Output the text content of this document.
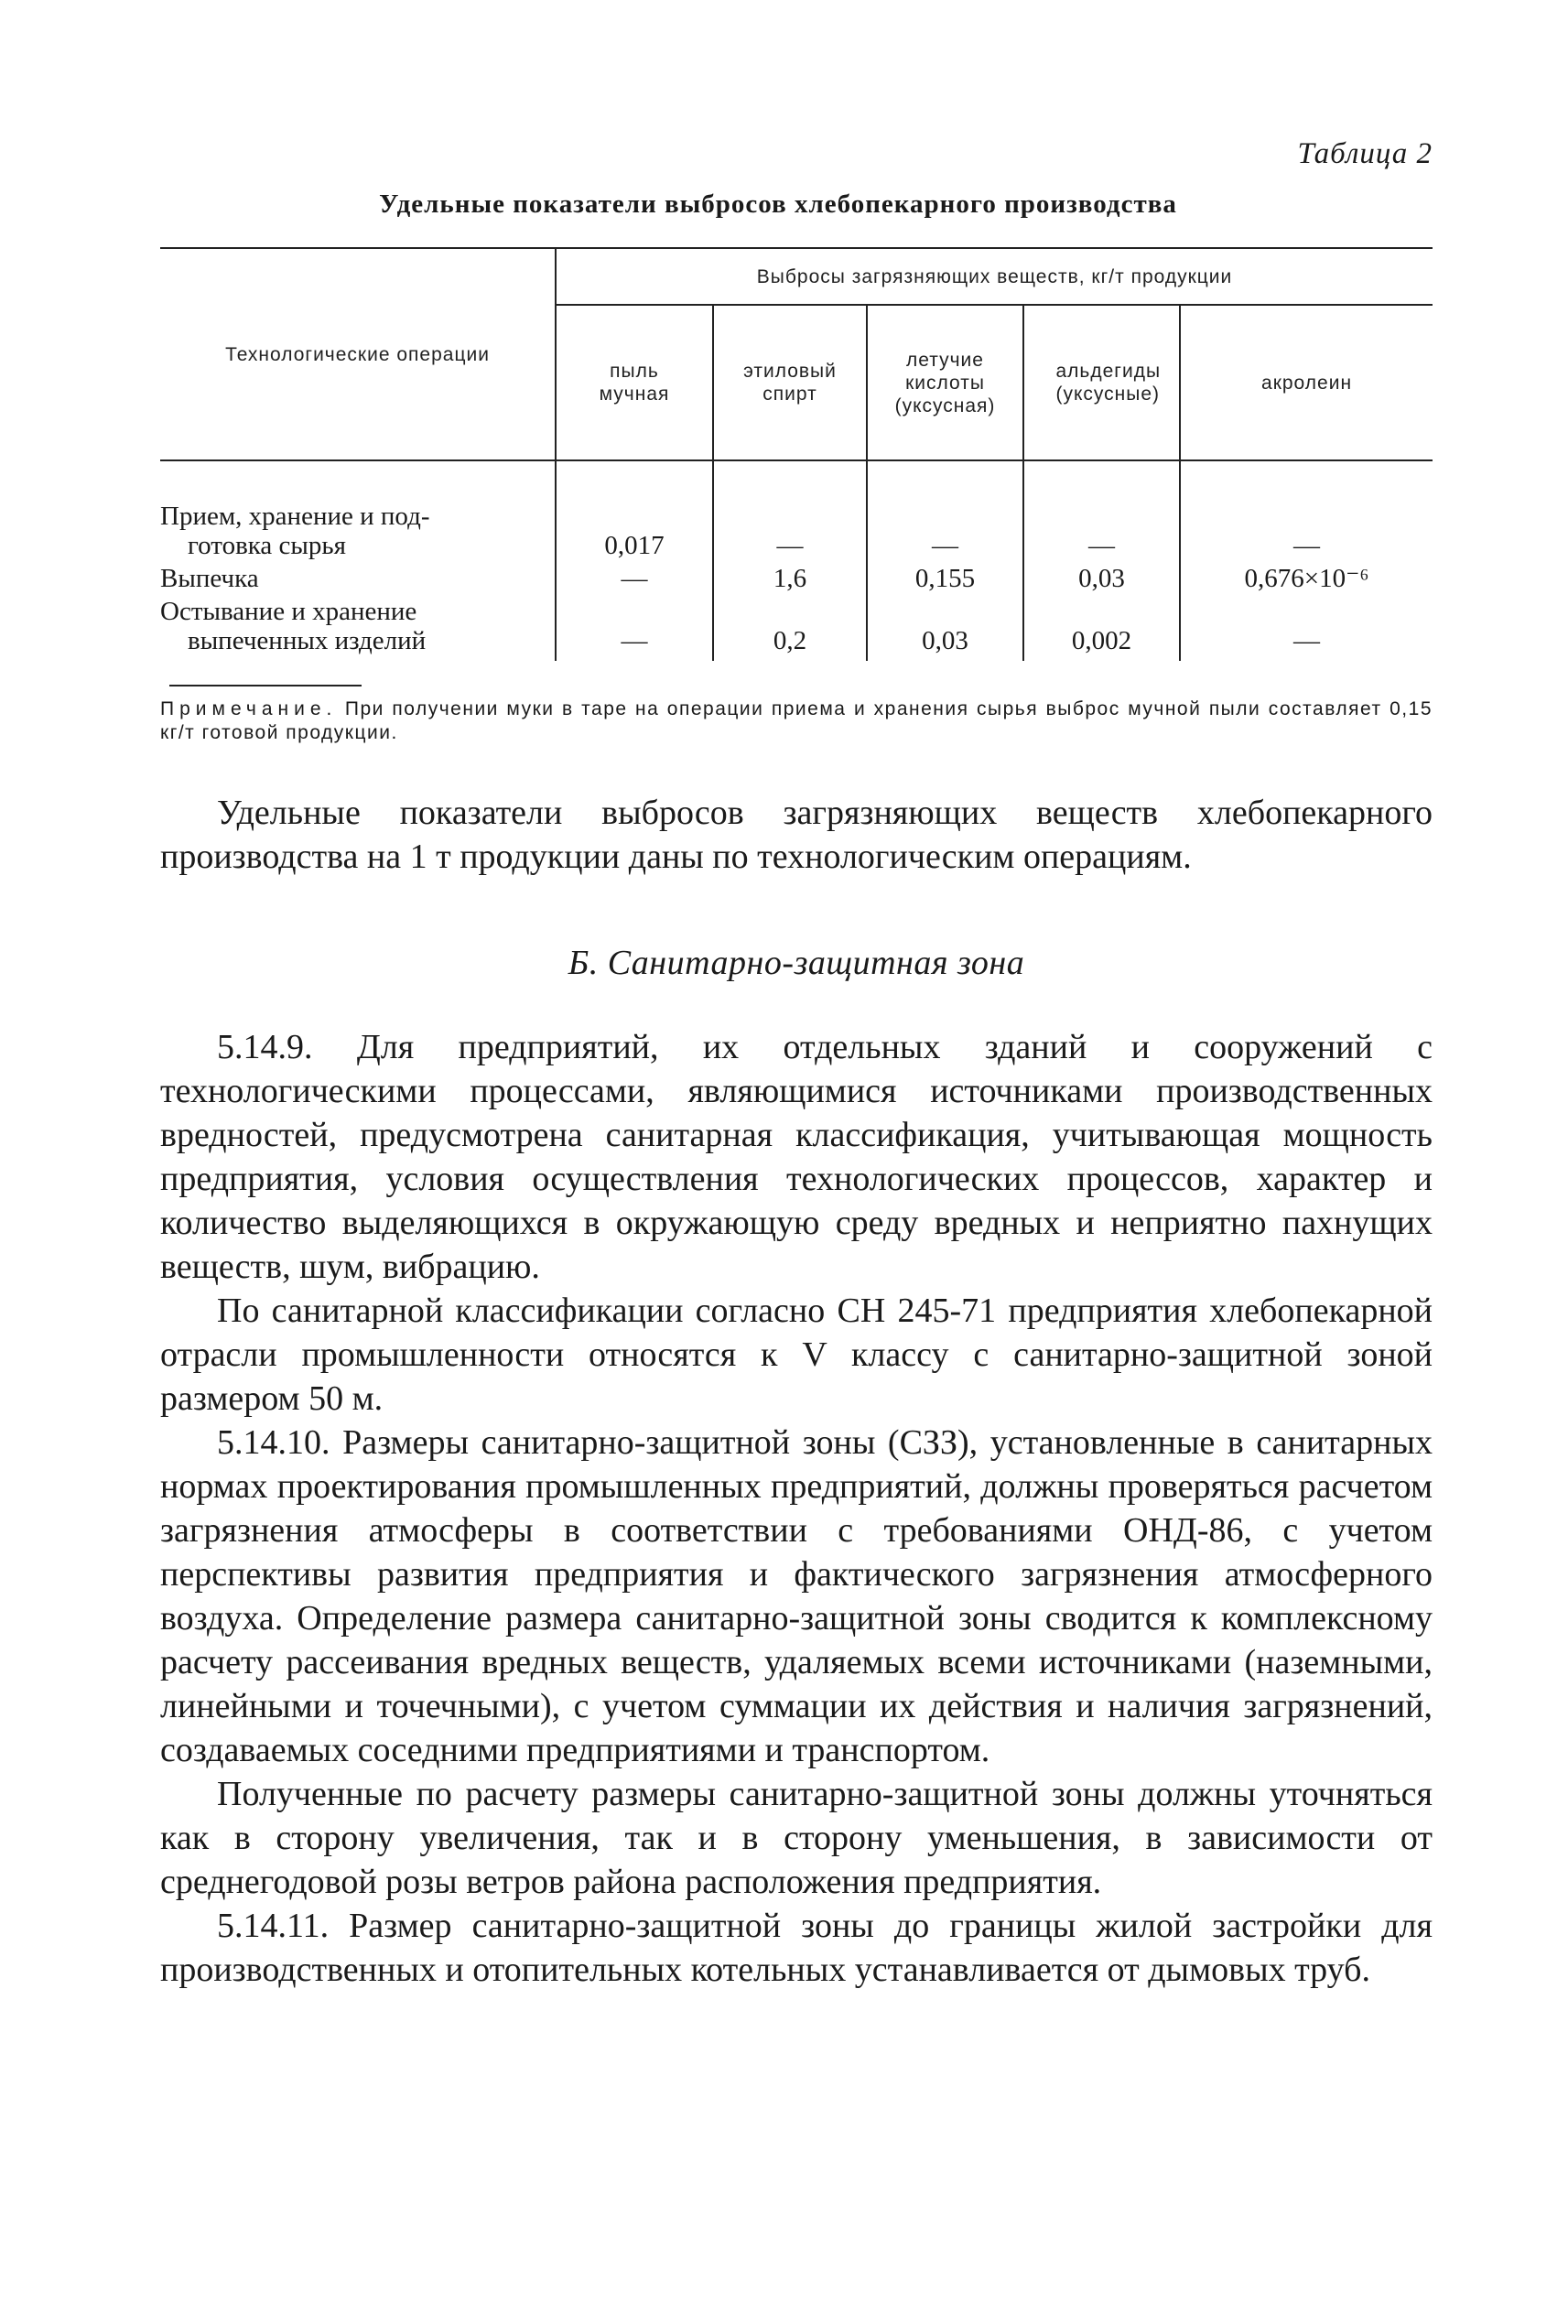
Таблица 2
Удельные показатели выбросов хлебопекарного производства
Технологические операции	Выбросы загрязняющих веществ, кг/т продукции				

	пыль мучная	этиловый спирт	летучие кислоты (уксусная)	альдегиды (уксусные)	акролеин

Прием, хранение и под-
готовка сырья	0,017	—	—	—	—

Выпечка	—	1,6	0,155	0,03	0,676×10⁻⁶

Остывание и хранение
выпеченных изделий	—	0,2	0,03	0,002	—

Примечание. При получении муки в таре на операции приема и хранения сырья выброс мучной пыли составляет 0,15 кг/т готовой продукции.

Удельные показатели выбросов загрязняющих веществ хлебопекарного производства на 1 т продукции даны по технологическим операциям.

Б. Санитарно-защитная зона

5.14.9. Для предприятий, их отдельных зданий и сооружений с технологическими процессами, являющимися источниками производственных вредностей, предусмотрена санитарная классификация, учитывающая мощность предприятия, условия осуществления технологических процессов, характер и количество выделяющихся в окружающую среду вредных и неприятно пахнущих веществ, шум, вибрацию.

По санитарной классификации согласно СН 245-71 предприятия хлебопекарной отрасли промышленности относятся к V классу с санитарно-защитной зоной размером 50 м.

5.14.10. Размеры санитарно-защитной зоны (СЗЗ), установленные в санитарных нормах проектирования промышленных предприятий, должны проверяться расчетом загрязнения атмосферы в соответствии с требованиями ОНД-86, с учетом перспективы развития предприятия и фактического загрязнения атмосферного воздуха. Определение размера санитарно-защитной зоны сводится к комплексному расчету рассеивания вредных веществ, удаляемых всеми источниками (наземными, линейными и точечными), с учетом суммации их действия и наличия загрязнений, создаваемых соседними предприятиями и транспортом.

Полученные по расчету размеры санитарно-защитной зоны должны уточняться как в сторону увеличения, так и в сторону уменьшения, в зависимости от среднегодовой розы ветров района расположения предприятия.

5.14.11. Размер санитарно-защитной зоны до границы жилой застройки для производственных и отопительных котельных устанавливается от дымовых труб.
